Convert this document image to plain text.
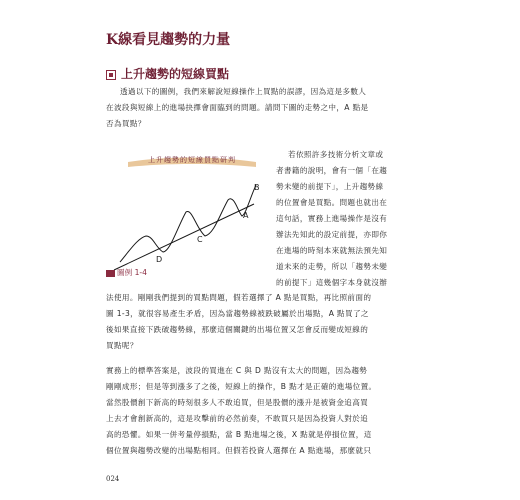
K線看見趨勢的力量
上升趨勢的短線買點
透過以下的圖例，我們來解說短線操作上買點的誤謬，因為這是多數人
在波段與短線上的進場抉擇會面臨到的問題。請問下圖的走勢之中，A 點是
否為買點？
D
C
A
B
上升趨勢的短線買點研判
圖例 1-4
若依照許多技術分析文章或
者書籍的說明，會有一個「在趨
勢未變的前提下」，上升趨勢線
的位置會是買點。問題也就出在
這句話，實務上進場操作是沒有
辦法先知此的設定前提，亦即你
在進場的時刻本來就無法預先知
道未來的走勢，所以「趨勢未變
的前提下」這幾個字本身就沒辦
法使用。剛剛我們提到的買點問題，假若選擇了 A 點是買點，再比照前面的
圖 1-3，就很容易產生矛盾，因為當趨勢線被跌破屬於出場點，A 點買了之
後如果直接下跌破趨勢線，那麼這個關鍵的出場位置又怎會反而變成短線的
買點呢？
實務上的標準答案是，波段的買進在 C 與 D 點沒有太大的問題，因為趨勢
剛剛成形；但是等到漲多了之後，短線上的操作，B 點才是正確的進場位置。
當然股價創下新高的時刻很多人不敢追買，但是股價的漲升是被資金追高買
上去才會創新高的，這是攻擊前的必然前奏，不敢買只是因為投資人對於追
高的恐懼。如果一併考量停損點，當 B 點進場之後，X 點就是停損位置，這
個位置與趨勢改變的出場點相同。但假若投資人選擇在 A 點進場，那麼就只
024
